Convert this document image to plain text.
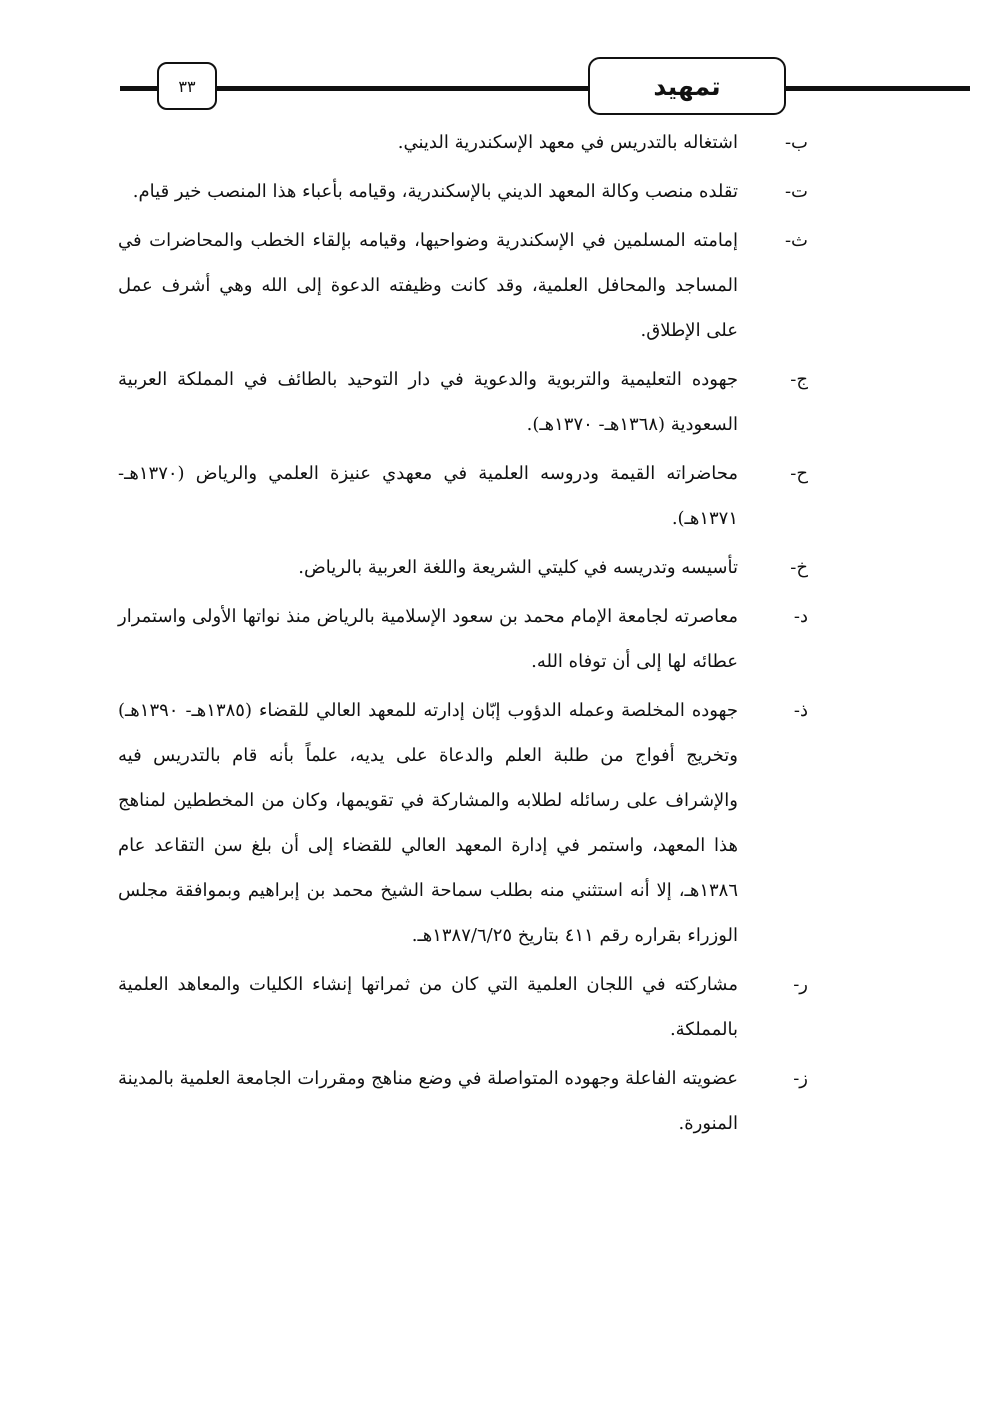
٣٣	تمهيد
ب-
اشتغاله بالتدريس في معهد الإسكندرية الديني.
ت-
تقلده منصب وكالة المعهد الديني بالإسكندرية، وقيامه بأعباء هذا المنصب خير قيام.
ث-
إمامته المسلمين في الإسكندرية وضواحيها، وقيامه بإلقاء الخطب والمحاضرات في المساجد والمحافل العلمية، وقد كانت وظيفته الدعوة إلى الله وهي أشرف عمل على الإطلاق.
ج-
جهوده التعليمية والتربوية والدعوية في دار التوحيد بالطائف في المملكة العربية السعودية (١٣٦٨هـ- ١٣٧٠هـ).
ح-
محاضراته القيمة ودروسه العلمية في معهدي عنيزة العلمي والرياض (١٣٧٠هـ- ١٣٧١هـ).
خ-
تأسيسه وتدريسه في كليتي الشريعة واللغة العربية بالرياض.
د-
معاصرته لجامعة الإمام محمد بن سعود الإسلامية بالرياض منذ نواتها الأولى واستمرار عطائه لها إلى أن توفاه الله.
ذ-
جهوده المخلصة وعمله الدؤوب إبّان إدارته للمعهد العالي للقضاء (١٣٨٥هـ- ١٣٩٠هـ) وتخريج أفواج من طلبة العلم والدعاة على يديه، علماً بأنه قام بالتدريس فيه والإشراف على رسائله لطلابه والمشاركة في تقويمها، وكان من المخططين لمناهج هذا المعهد، واستمر في إدارة المعهد العالي للقضاء إلى أن بلغ سن التقاعد عام ١٣٨٦هـ، إلا أنه استثني منه بطلب سماحة الشيخ محمد بن إبراهيم وبموافقة مجلس الوزراء بقراره رقم ٤١١ بتاريخ ١٣٨٧/٦/٢٥هـ.
ر-
مشاركته في اللجان العلمية التي كان من ثمراتها إنشاء الكليات والمعاهد العلمية بالمملكة.
ز-
عضويته الفاعلة وجهوده المتواصلة في وضع مناهج ومقررات الجامعة العلمية بالمدينة المنورة.
